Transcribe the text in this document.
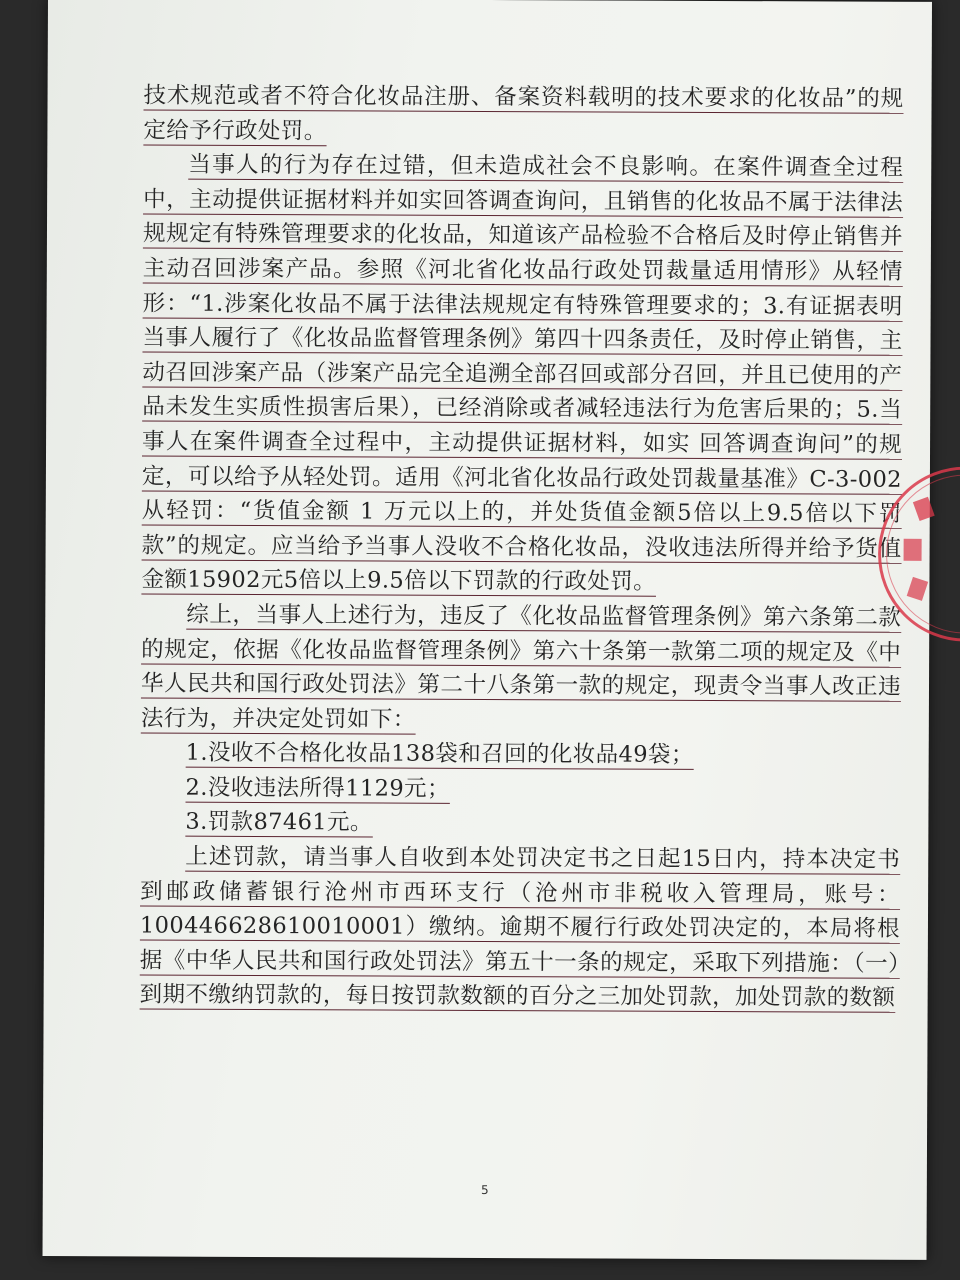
技术规范或者不符合化妆品注册、备案资料载明的技术要求的化妆品”的规定给予行政处罚。

当事人的行为存在过错，但未造成社会不良影响。在案件调查全过程中，主动提供证据材料并如实回答调查询问，且销售的化妆品不属于法律法规规定有特殊管理要求的化妆品，知道该产品检验不合格后及时停止销售并主动召回涉案产品。参照《河北省化妆品行政处罚裁量适用情形》从轻情形：“1.涉案化妆品不属于法律法规规定有特殊管理要求的；3.有证据表明当事人履行了《化妆品监督管理条例》第四十四条责任，及时停止销售，主动召回涉案产品（涉案产品完全追溯全部召回或部分召回，并且已使用的产品未发生实质性损害后果），已经消除或者减轻违法行为危害后果的；5.当事人在案件调查全过程中，主动提供证据材料，如实 回答调查询问”的规定，可以给予从轻处罚。适用《河北省化妆品行政处罚裁量基准》C-3-002从轻罚：“货值金额 1 万元以上的，并处货值金额5倍以上9.5倍以下罚款”的规定。应当给予当事人没收不合格化妆品，没收违法所得并给予货值金额15902元5倍以上9.5倍以下罚款的行政处罚。

综上，当事人上述行为，违反了《化妆品监督管理条例》第六条第二款的规定，依据《化妆品监督管理条例》第六十条第一款第二项的规定及《中华人民共和国行政处罚法》第二十八条第一款的规定，现责令当事人改正违法行为，并决定处罚如下：

1.没收不合格化妆品138袋和召回的化妆品49袋；

2.没收违法所得1129元；

3.罚款87461元。

上述罚款，请当事人自收到本处罚决定书之日起15日内，持本决定书到邮政储蓄银行沧州市西环支行（沧州市非税收入管理局，账号：100446628610010001）缴纳。逾期不履行行政处罚决定的，本局将根据《中华人民共和国行政处罚法》第五十一条的规定，采取下列措施：（一）到期不缴纳罚款的，每日按罚款数额的百分之三加处罚款，加处罚款的数额

5
